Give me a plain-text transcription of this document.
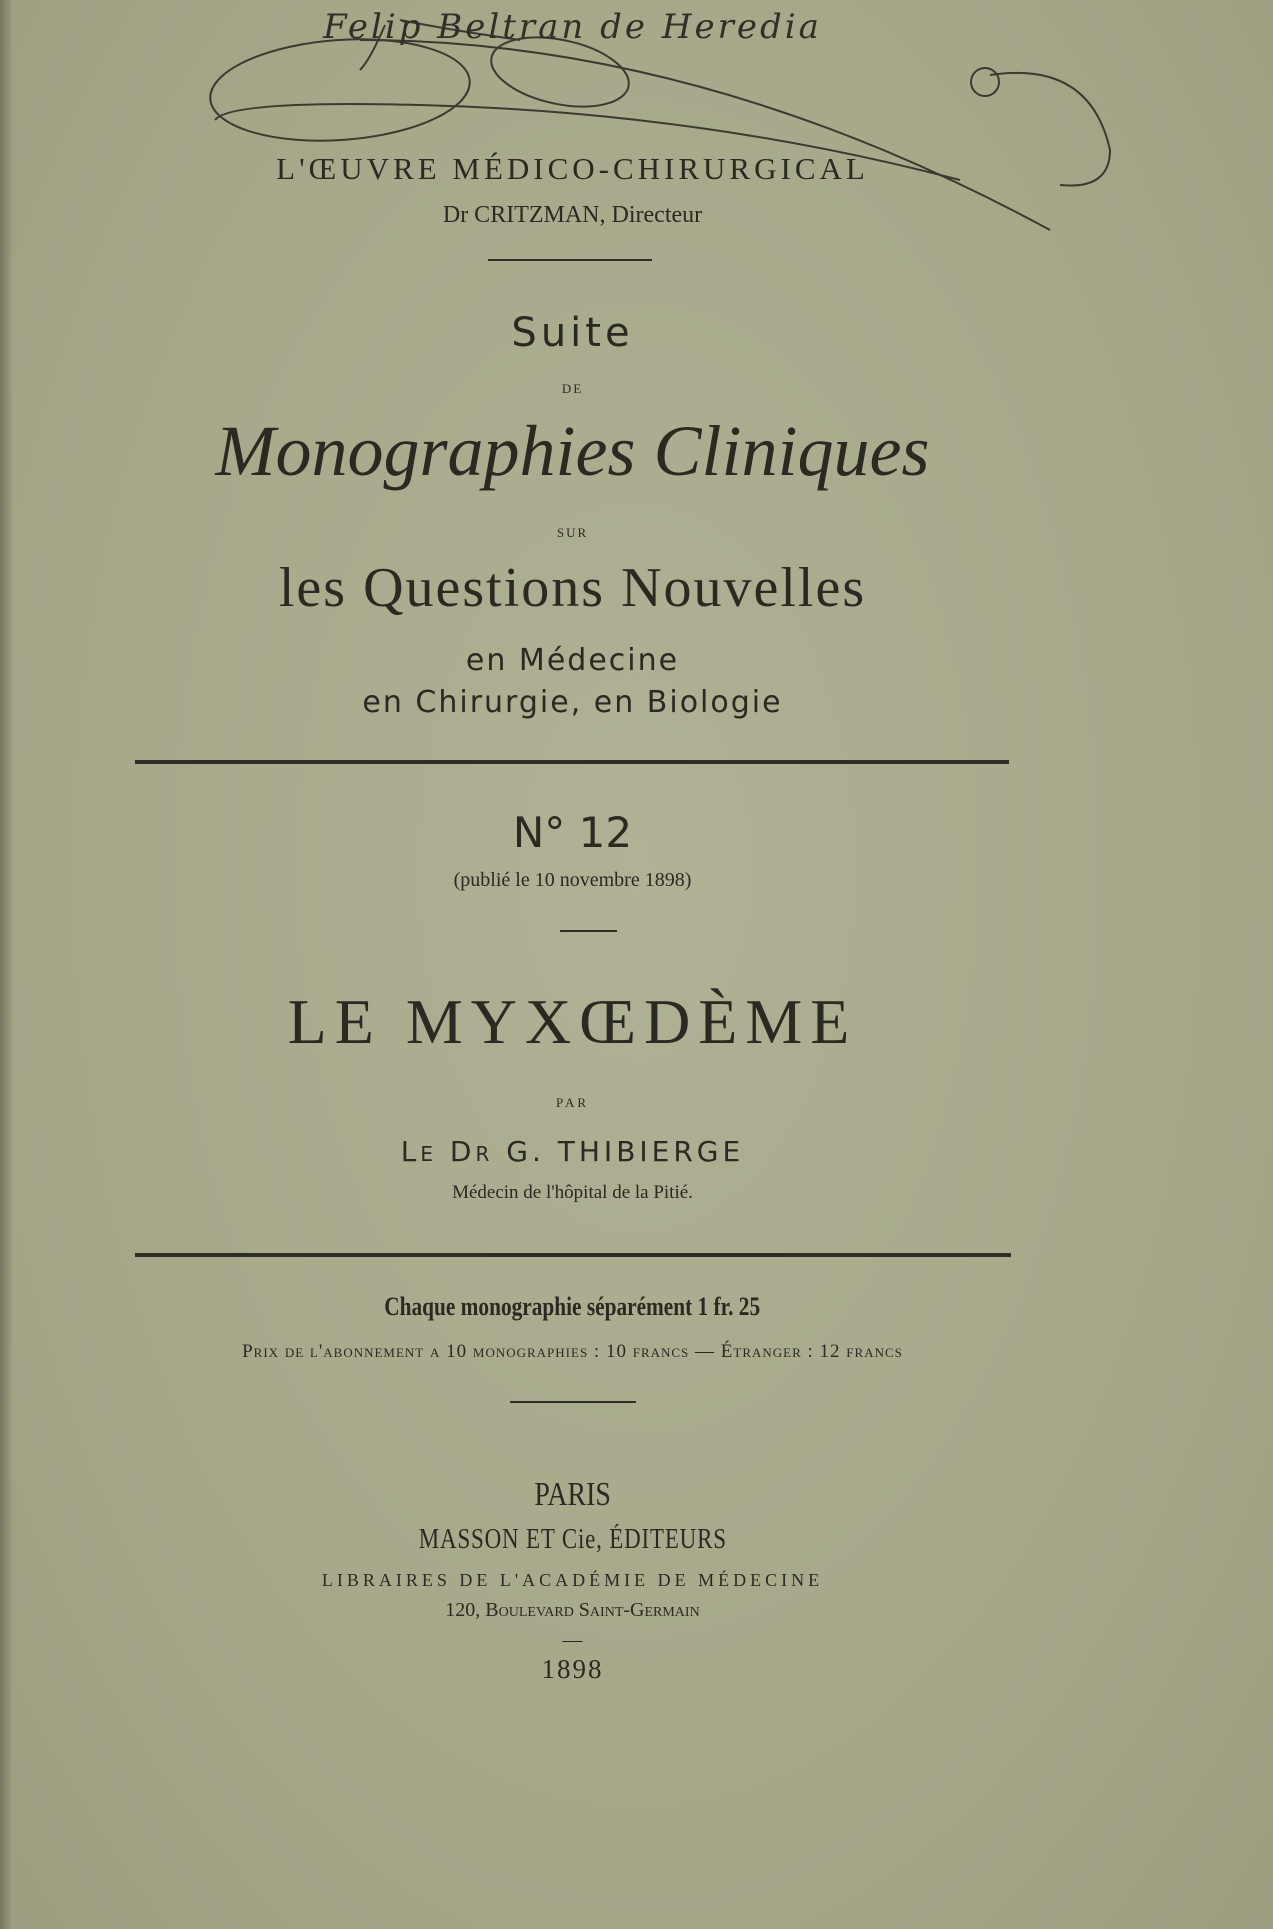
Felip Beltran de Heredia
L'ŒUVRE MÉDICO-CHIRURGICAL
Dr CRITZMAN, Directeur
Suite
DE
Monographies Cliniques
SUR
les Questions Nouvelles
en Médecine
en Chirurgie, en Biologie
N° 12
(publié le 10 novembre 1898)
LE MYXŒDÈME
PAR
Le Dr G. THIBIERGE
Médecin de l'hôpital de la Pitié.
Chaque monographie séparément 1 fr. 25
Prix de l'abonnement a 10 monographies : 10 francs — Étranger : 12 francs
PARIS
MASSON ET Cie, ÉDITEURS
LIBRAIRES DE L'ACADÉMIE DE MÉDECINE
120, Boulevard Saint-Germain
—
1898
